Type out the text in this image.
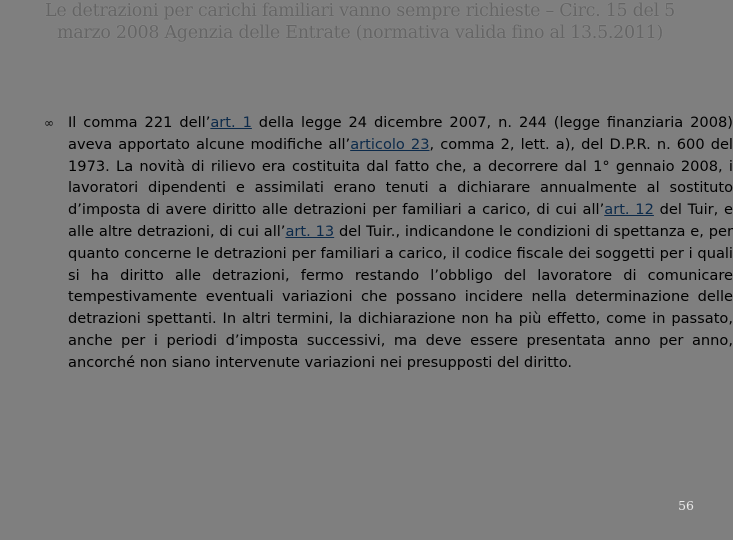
Le detrazioni per carichi familiari vanno sempre richieste – Circ. 15 del 5 marzo 2008 Agenzia delle Entrate (normativa valida fino al 13.5.2011)
∞ Il comma 221 dell’art. 1 della legge 24 dicembre 2007, n. 244 (legge finanziaria 2008) aveva apportato alcune modifiche all’articolo 23, comma 2, lett. a), del D.P.R. n. 600 del 1973. La novità di rilievo era costituita dal fatto che, a decorrere dal 1° gennaio 2008, i lavoratori dipendenti e assimilati erano tenuti a dichiarare annualmente al sostituto d’imposta di avere diritto alle detrazioni per familiari a carico, di cui all’art. 12 del Tuir, e alle altre detrazioni, di cui all’art. 13 del Tuir., indicandone le condizioni di spettanza e, per quanto concerne le detrazioni per familiari a carico, il codice fiscale dei soggetti per i quali si ha diritto alle detrazioni, fermo restando l’obbligo del lavoratore di comunicare tempestivamente eventuali variazioni che possano incidere nella determinazione delle detrazioni spettanti. In altri termini, la dichiarazione non ha più effetto, come in passato, anche per i periodi d’imposta successivi, ma deve essere presentata anno per anno, ancorché non siano intervenute variazioni nei presupposti del diritto.
56
